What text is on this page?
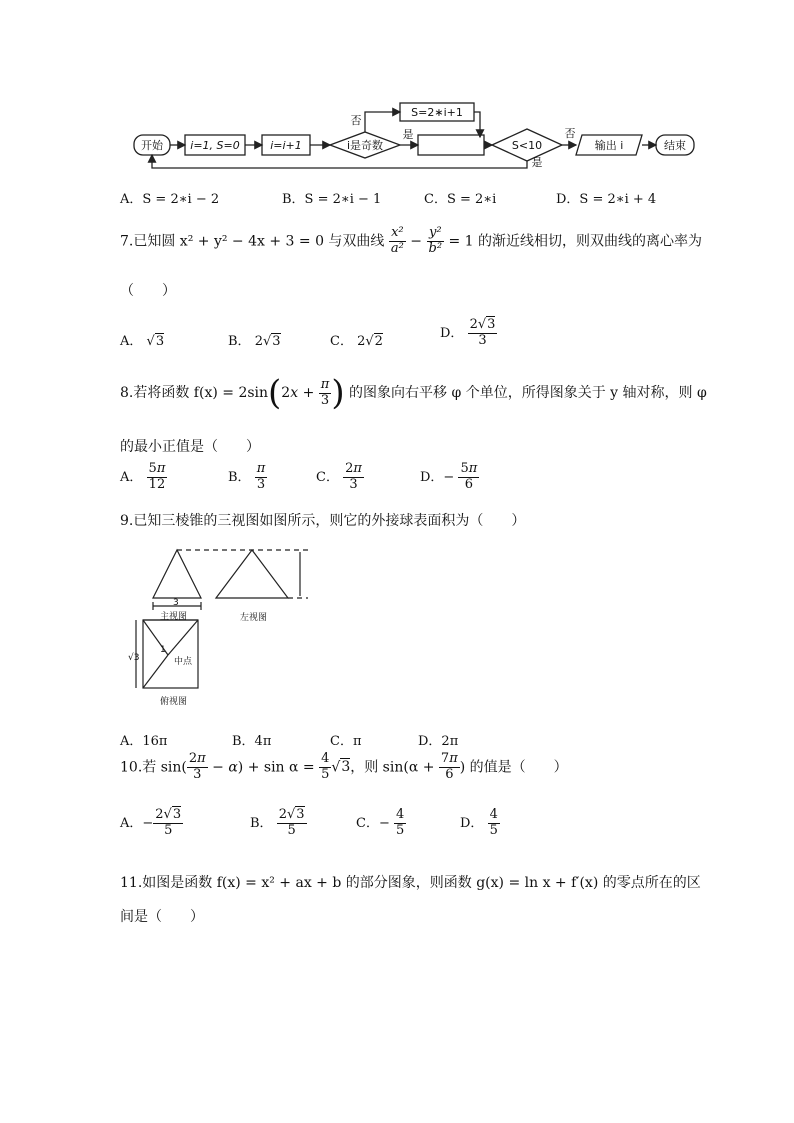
开始 i=1, S=0	i=i+1	i是奇数
S=2∗i+1
S<10	输出 i	结束
否
是	否
是
A．S = 2∗i − 2	B．S = 2∗i − 1	C．S = 2∗i	D．S = 2∗i + 4
7.已知圆 x² + y² − 4x + 3 = 0 与双曲线 $\frac{\text{x²}}{\text{a²}} - \frac{\text{y²}}{\text{b²}} = 1$ 的渐近线相切，则双曲线的离心率为
（　　）
A． √3	B． 2√3	C． 2√2
D． $\frac{2√3}{3}$
8.若将函数 $f(x) = 2\sin(2x + \frac{\pi}{3}$ ) 的图象向右平移 φ 个单位，所得图象关于 y 轴对称，则 φ
的最小正值是（　　）
A． $\frac{5\pi}{12}$	B． $\frac{\pi}{3}$	C． $\frac{2\pi}{3}$	D．− $\frac{5\pi}{6}$
9.已知三棱锥的三视图如图所示，则它的外接球表面积为（　　）
3
主视图	左视图
1
中点
√3
俯视图
A．16π	B．4π	C．π	D．2π
10.若 $\sin( \frac{2\pi}{3} - \alpha) + \sin \alpha = \frac{4}{5} √3$，则 $\sin(\alpha + \frac{7\pi}{6}$ ) 的值是（　　）
A．− $\frac{2√3}{5}$	B． $\frac{2√3}{5}$	C．− $\frac{4}{5}$	D． $\frac{4}{5}$
11.如图是函数 f(x) = x² + ax + b 的部分图象，则函数 g(x) = ln x + f′(x) 的零点所在的区
间是（　　）
